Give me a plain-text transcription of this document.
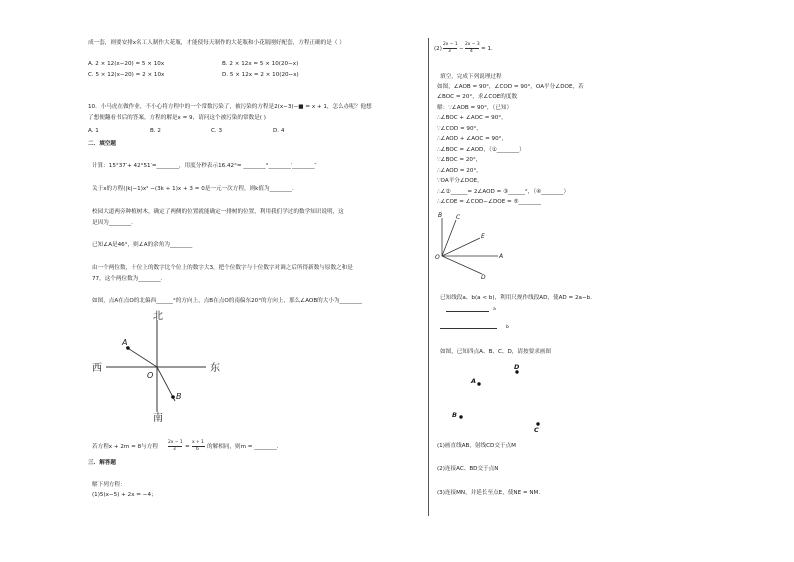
成一套，则要安排x名工人制作大花瓶，才能使每天制作的大花瓶和小花瓶刚好配套，方程正确的是（ ）
A. 2 × 12(x−20) = 5 × 10x	B. 2 × 12x = 5 × 10(20−x)
C. 5 × 12(x−20) = 2 × 10x	D. 5 × 12x = 2 × 10(20−x)
10．小马虎在做作业，不小心将方程中的一个常数污染了，被污染的方程是2(x−3)−■ = x + 1，怎么办呢？他想
了想便翻看书后的答案，方程的解是x = 9，请问这个被污染的常数是( )
A. 1	B. 2	C. 3	D. 4
二．填空题
计算：15°37′+ 42°51′=________，用度分秒表示16.42°= ________°________′________″
关于x的方程(|k|−1)x² −(3k + 1)x + 3 = 0是一元一次方程，则k值为________.
校园大道两旁种植树木，确定了两侧的位置就能确定一排树的位置，利用我们学过的数学知识说明，这
是因为________.
已知∠A是46°，则∠A的余角为________
由一个两位数，十位上的数字比个位上的数字大3，把个位数字与十位数字对调之后所得新数与原数之和是
77，这个两位数为________.
如图，点A在点O的北偏西______°的方向上，点B在点O的南偏东20°的方向上，那么∠AOB的大小为________
北
南
西	东
A
B
O
若方程x + 2m = 8与方程
2x − 1
3 =
x + 1
6 的解相同，则m = ________.
三．解答题
解下列方程：
(1)5(x−5) + 2x = −4；
(2)
2x − 1
3 −
2x − 3
4 = 1.
填空，完成下列说理过程
如图，∠AOB = 90°，∠COD = 90°，OA平分∠DOE，若
∠BOC = 20°，求∠COE的度数
解：∵∠AOB = 90°，（已知）
∴∠BOC + ∠AOC = 90°，
∵∠COD = 90°，
∴∠AOD + ∠AOC = 90°，
∴∠BOC = ∠AOD，（①________）
∵∠BOC = 20°，
∴∠AOD = 20°，
∵OA平分∠DOE，
∴∠②______= 2∠AOD = ③______°，（④________）
∴∠COE = ∠COD−∠DOE = ⑤________
B C
E
A
D
O
已知线段a、b(a < b)，利用尺规作线段AD，使AD = 2a−b.
a
b
如图，已知四点A、B、C、D，请按要求画图
A
D
B
C
(1)画直线AB，射线CD交于点M
(2)连接AC、BD交于点N
(3)连接MN，并延长至点E，使NE = NM.
